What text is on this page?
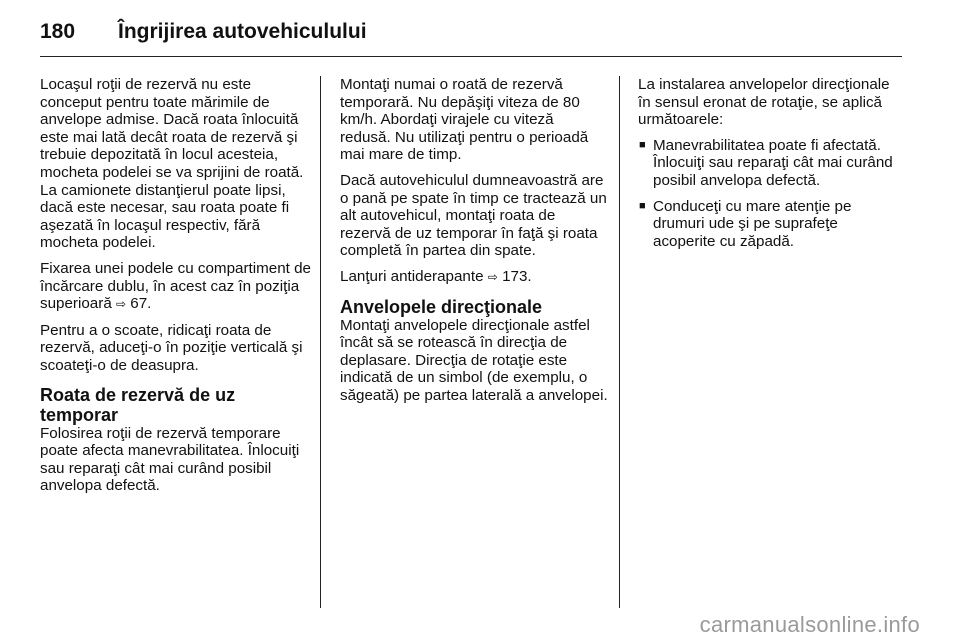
180 Îngrijirea autovehiculului

Locaşul roţii de rezervă nu este conceput pentru toate mărimile de anvelope admise. Dacă roata înlocuită este mai lată decât roata de rezervă şi trebuie depozitată în locul acesteia, mocheta podelei se va sprijini de roată. La camionete distanţierul poate lipsi, dacă este necesar, sau roata poate fi aşezată în locaşul respectiv, fără mocheta podelei.

Fixarea unei podele cu compartiment de încărcare dublu, în acest caz în poziţia superioară ⇨ 67.

Pentru a o scoate, ridicaţi roata de rezervă, aduceţi-o în poziţie verticală şi scoateţi-o de deasupra.

Roata de rezervă de uz temporar

Folosirea roţii de rezervă temporare poate afecta manevrabilitatea. Înlocuiţi sau reparaţi cât mai curând posibil anvelopa defectă.

Montaţi numai o roată de rezervă temporară. Nu depăşiţi viteza de 80 km/h. Abordaţi virajele cu viteză redusă. Nu utilizaţi pentru o perioadă mai mare de timp.

Dacă autovehiculul dumneavoastră are o pană pe spate în timp ce tractează un alt autovehicul, montaţi roata de rezervă de uz temporar în faţă şi roata completă în partea din spate.

Lanţuri antiderapante ⇨ 173.

Anvelopele direcţionale

Montaţi anvelopele direcţionale astfel încât să se rotească în direcţia de deplasare. Direcţia de rotaţie este indicată de un simbol (de exemplu, o săgeată) pe partea laterală a anvelopei.

La instalarea anvelopelor direcţionale în sensul eronat de rotaţie, se aplică următoarele:

■ Manevrabilitatea poate fi afectată. Înlocuiţi sau reparaţi cât mai curând posibil anvelopa defectă.
■ Conduceţi cu mare atenţie pe drumuri ude şi pe suprafeţe acoperite cu zăpadă.
carmanualsonline.info
